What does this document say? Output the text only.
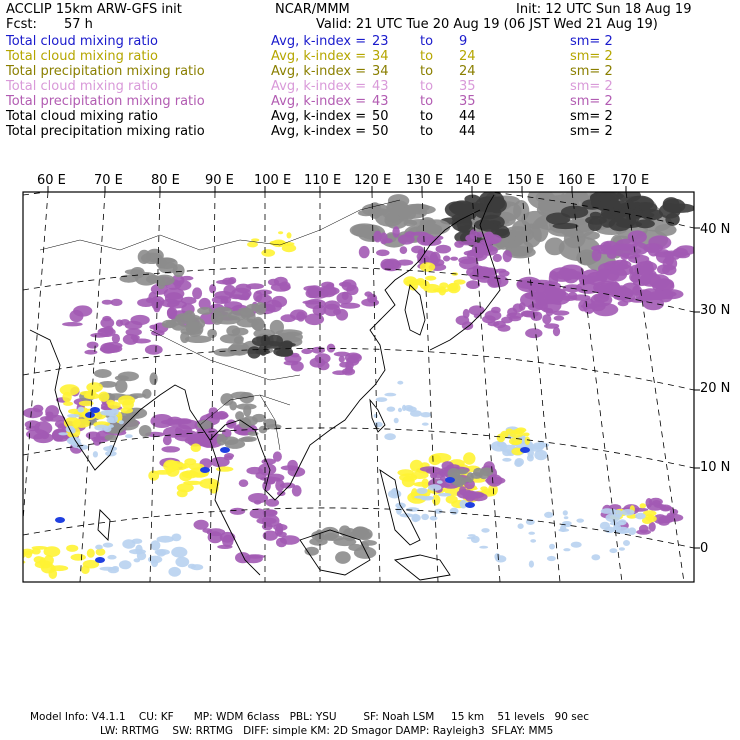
ACCLIP 15km ARW-GFS init	NCAR/MMM	Init: 12 UTC Sun 18 Aug 19
Fcst: 57 h	Valid: 21 UTC Tue 20 Aug 19 (06 JST Wed 21 Aug 19)
Total cloud mixing ratio	Avg, k-index = 23 to 9	sm= 2
Total cloud mixing ratio	Avg, k-index = 34 to 24	sm= 2
Total precipitation mixing ratio	Avg, k-index = 34 to 24	sm= 2
Total cloud mixing ratio	Avg, k-index = 43 to 35	sm= 2
Total precipitation mixing ratio	Avg, k-index = 43 to 35	sm= 2
Total cloud mixing ratio	Avg, k-index = 50 to 44	sm= 2
Total precipitation mixing ratio	Avg, k-index = 50 to 44	sm= 2
60 E 70 E 80 E 90 E 100 E 110 E 120 E 130 E 140 E 150 E 160 E 170 E
40 N
30 N
20 N
10 N
0
Model Info: V4.1.1    CU: KF      MP: WDM 6class   PBL: YSU        SF: Noah LSM     15 km    51 levels   90 sec
LW: RRTMG    SW: RRTMG   DIFF: simple KM: 2D Smagor DAMP: Rayleigh3  SFLAY: MM5
